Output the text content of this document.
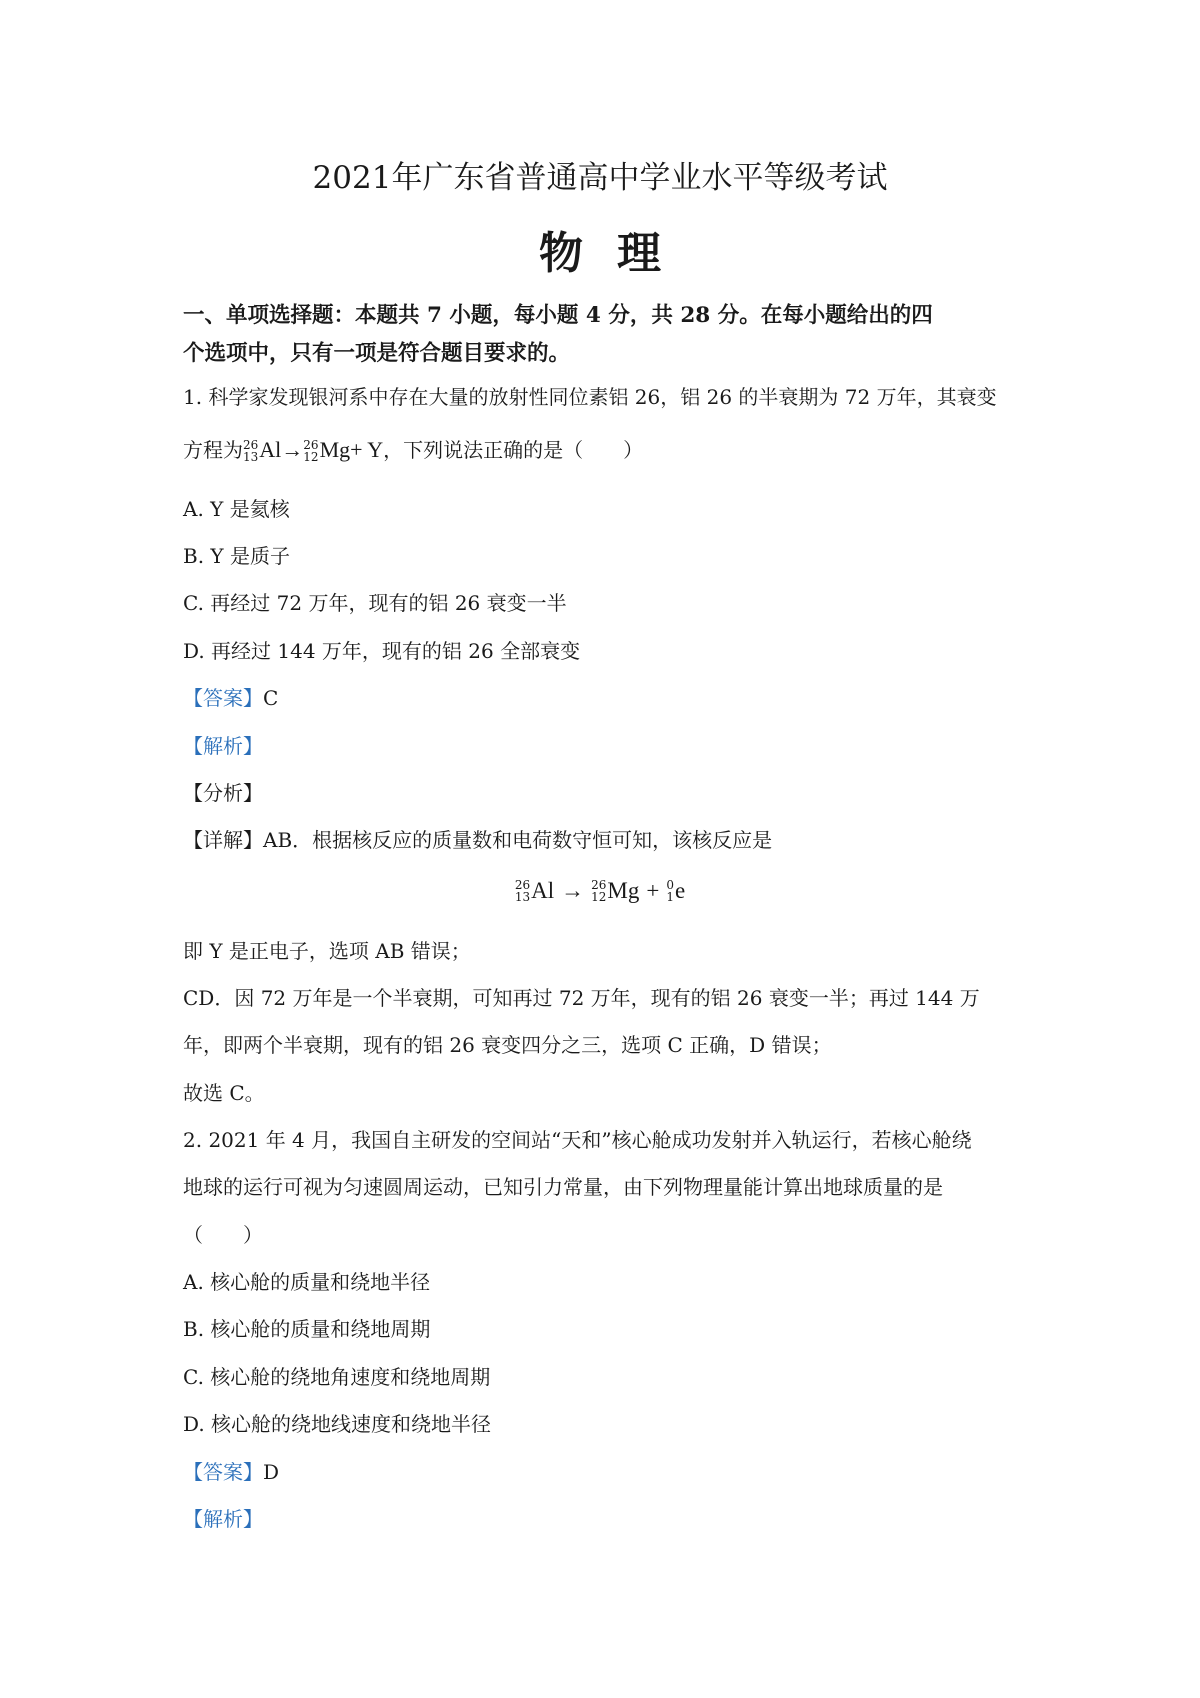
2021年广东省普通高中学业水平等级考试
物理
一、单项选择题：本题共 7 小题，每小题 4 分，共 28 分。在每小题给出的四
个选项中，只有一项是符合题目要求的。
1. 科学家发现银河系中存在大量的放射性同位素铝 26，铝 26 的半衰期为 72 万年，其衰变
方程为 26
13 Al→ 26
12 Mg+ Y，下列说法正确的是（　　）
A. Y 是氦核
B. Y 是质子
C. 再经过 72 万年，现有的铝 26 衰变一半
D. 再经过 144 万年，现有的铝 26 全部衰变
【答案】C
【解析】
【分析】
【详解】AB．根据核反应的质量数和电荷数守恒可知，该核反应是
26
13 Al → 26
12 Mg + 0
1 e
即 Y 是正电子，选项 AB 错误；
CD．因 72 万年是一个半衰期，可知再过 72 万年，现有的铝 26 衰变一半；再过 144 万
年，即两个半衰期，现有的铝 26 衰变四分之三，选项 C 正确，D 错误；
故选 C。
2. 2021 年 4 月，我国自主研发的空间站“天和”核心舱成功发射并入轨运行，若核心舱绕
地球的运行可视为匀速圆周运动，已知引力常量，由下列物理量能计算出地球质量的是
（　　）
A. 核心舱的质量和绕地半径
B. 核心舱的质量和绕地周期
C. 核心舱的绕地角速度和绕地周期
D. 核心舱的绕地线速度和绕地半径
【答案】D
【解析】
